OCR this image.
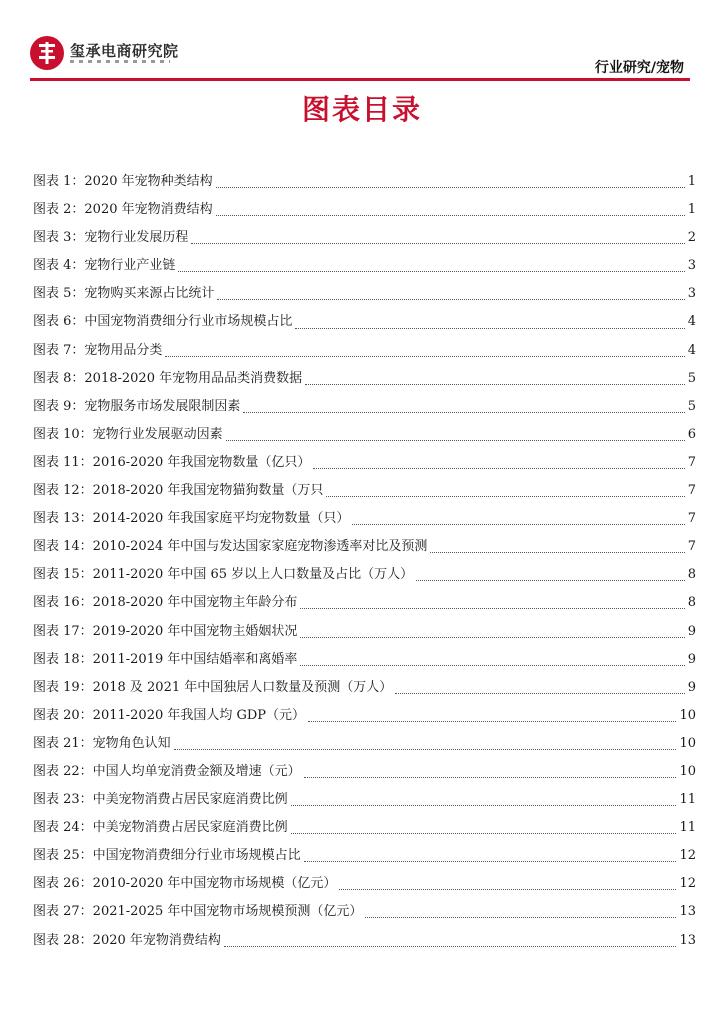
玺承电商研究院
行业研究/宠物
图表目录
图表 1：2020 年宠物种类结构	1
图表 2：2020 年宠物消费结构	1
图表 3：宠物行业发展历程	2
图表 4：宠物行业产业链	3
图表 5：宠物购买来源占比统计	3
图表 6：中国宠物消费细分行业市场规模占比	4
图表 7：宠物用品分类	4
图表 8：2018-2020 年宠物用品品类消费数据	5
图表 9：宠物服务市场发展限制因素	5
图表 10：宠物行业发展驱动因素	6
图表 11：2016-2020 年我国宠物数量（亿只）	7
图表 12：2018-2020 年我国宠物猫狗数量（万只	7
图表 13：2014-2020 年我国家庭平均宠物数量（只）	7
图表 14：2010-2024 年中国与发达国家家庭宠物渗透率对比及预测	7
图表 15：2011-2020 年中国 65 岁以上人口数量及占比（万人）	8
图表 16：2018-2020 年中国宠物主年龄分布	8
图表 17：2019-2020 年中国宠物主婚姻状况	9
图表 18：2011-2019 年中国结婚率和离婚率	9
图表 19：2018 及 2021 年中国独居人口数量及预测（万人）	9
图表 20：2011-2020 年我国人均 GDP（元）	10
图表 21：宠物角色认知	10
图表 22：中国人均单宠消费金额及增速（元）	10
图表 23：中美宠物消费占居民家庭消费比例	11
图表 24：中美宠物消费占居民家庭消费比例	11
图表 25：中国宠物消费细分行业市场规模占比	12
图表 26：2010-2020 年中国宠物市场规模（亿元）	12
图表 27：2021-2025 年中国宠物市场规模预测（亿元）	13
图表 28：2020 年宠物消费结构	13
